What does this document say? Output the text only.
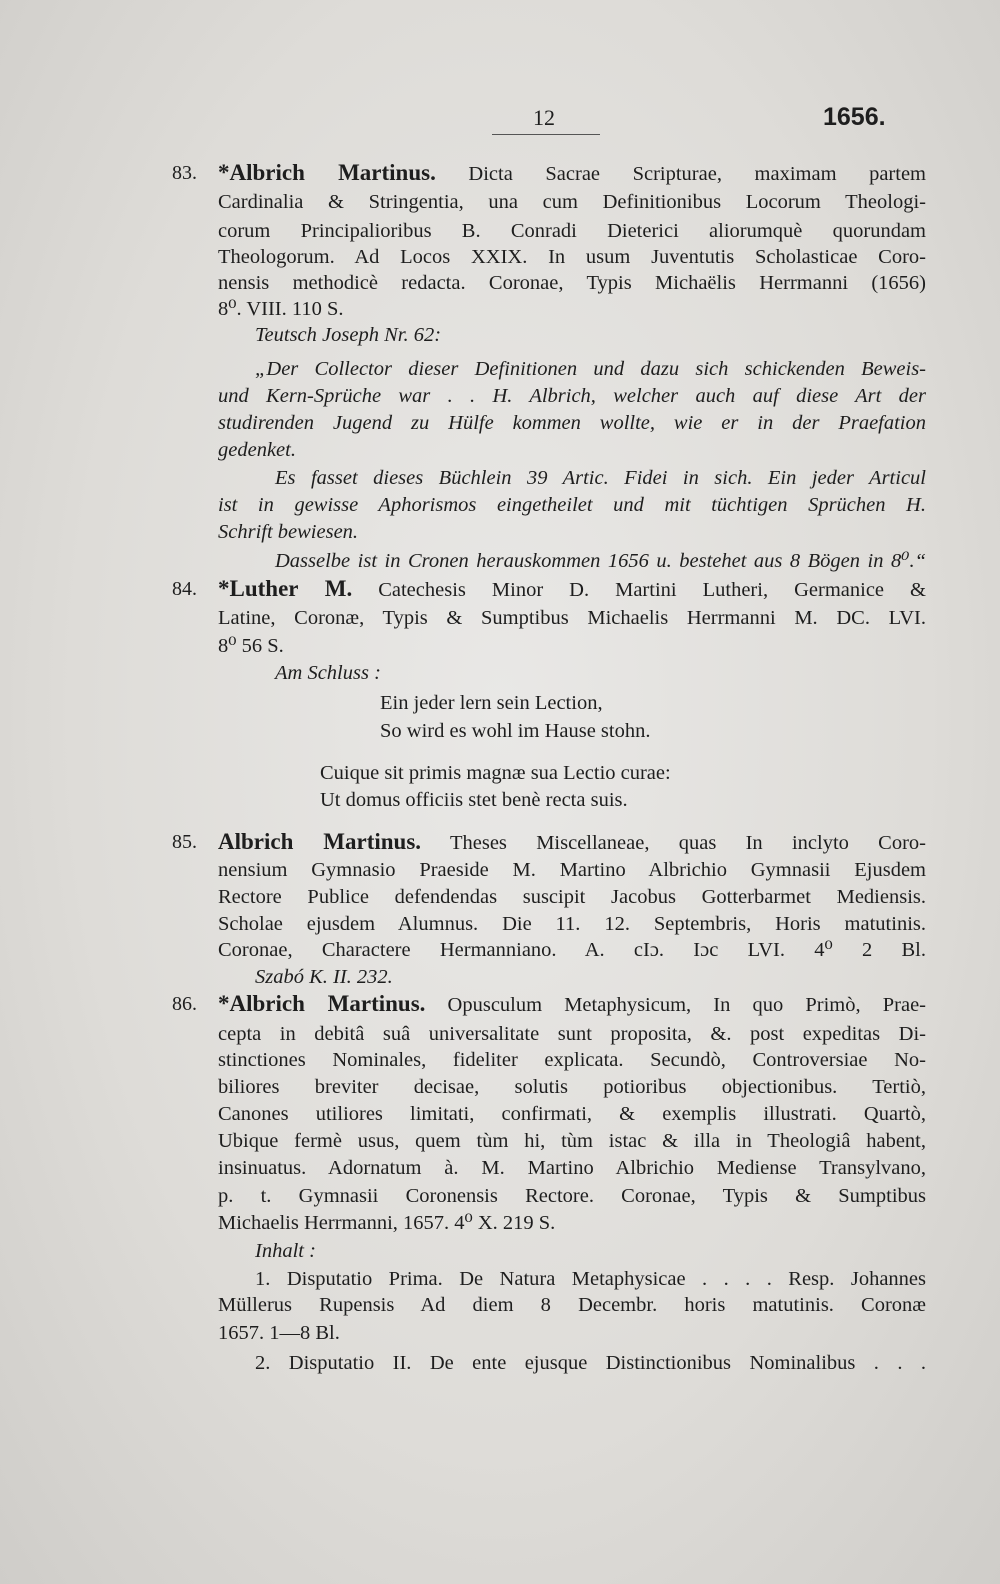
12	1656.
83. *Albrich Martinus. Dicta Sacrae Scripturae, maximam partem
Cardinalia & Stringentia, una cum Definitionibus Locorum Theologi-
corum Principalioribus B. Conradi Dieterici aliorumquè quorundam
Theologorum. Ad Locos XXIX. In usum Juventutis Scholasticae Coro-
nensis methodicè redacta. Coronae, Typis Michaëlis Herrmanni (1656)
8⁰. VIII. 110 S.
Teutsch Joseph Nr. 62:
„Der Collector dieser Definitionen und dazu sich schickenden Beweis-
und Kern-Sprüche war . . H. Albrich, welcher auch auf diese Art der
studirenden Jugend zu Hülfe kommen wollte, wie er in der Praefation
gedenket.
Es fasset dieses Büchlein 39 Artic. Fidei in sich. Ein jeder Articul
ist in gewisse Aphorismos eingetheilet und mit tüchtigen Sprüchen H.
Schrift bewiesen.
Dasselbe ist in Cronen herauskommen 1656 u. bestehet aus 8 Bögen in 8⁰.“
84. *Luther M. Catechesis Minor D. Martini Lutheri, Germanice &
Latine, Coronæ, Typis & Sumptibus Michaelis Herrmanni M. DC. LVI.
8⁰ 56 S.
Am Schluss :
Ein jeder lern sein Lection,
So wird es wohl im Hause stohn.
Cuique sit primis magnæ sua Lectio curae:
Ut domus officiis stet benè recta suis.
85. Albrich Martinus. Theses Miscellaneae, quas In inclyto Coro-
nensium Gymnasio Praeside M. Martino Albrichio Gymnasii Ejusdem
Rectore Publice defendendas suscipit Jacobus Gotterbarmet Mediensis.
Scholae ejusdem Alumnus. Die 11. 12. Septembris, Horis matutinis.
Coronae, Charactere Hermanniano. A. cIɔ. Iɔc LVI. 4⁰ 2 Bl.
Szabó K. II. 232.
86. *Albrich Martinus. Opusculum Metaphysicum, In quo Primò, Prae-
cepta in debitâ suâ universalitate sunt proposita, &. post expeditas Di-
stinctiones Nominales, fideliter explicata. Secundò, Controversiae No-
biliores breviter decisae, solutis potioribus objectionibus. Tertiò,
Canones utiliores limitati, confirmati, & exemplis illustrati. Quartò,
Ubique fermè usus, quem tùm hi, tùm istac & illa in Theologiâ habent,
insinuatus. Adornatum à. M. Martino Albrichio Mediense Transylvano,
p. t. Gymnasii Coronensis Rectore. Coronae, Typis & Sumptibus
Michaelis Herrmanni, 1657. 4⁰ X. 219 S.
Inhalt :
1. Disputatio Prima. De Natura Metaphysicae . . . . Resp. Johannes
Müllerus Rupensis Ad diem 8 Decembr. horis matutinis. Coronæ
1657. 1—8 Bl.
2. Disputatio II. De ente ejusque Distinctionibus Nominalibus . . .
